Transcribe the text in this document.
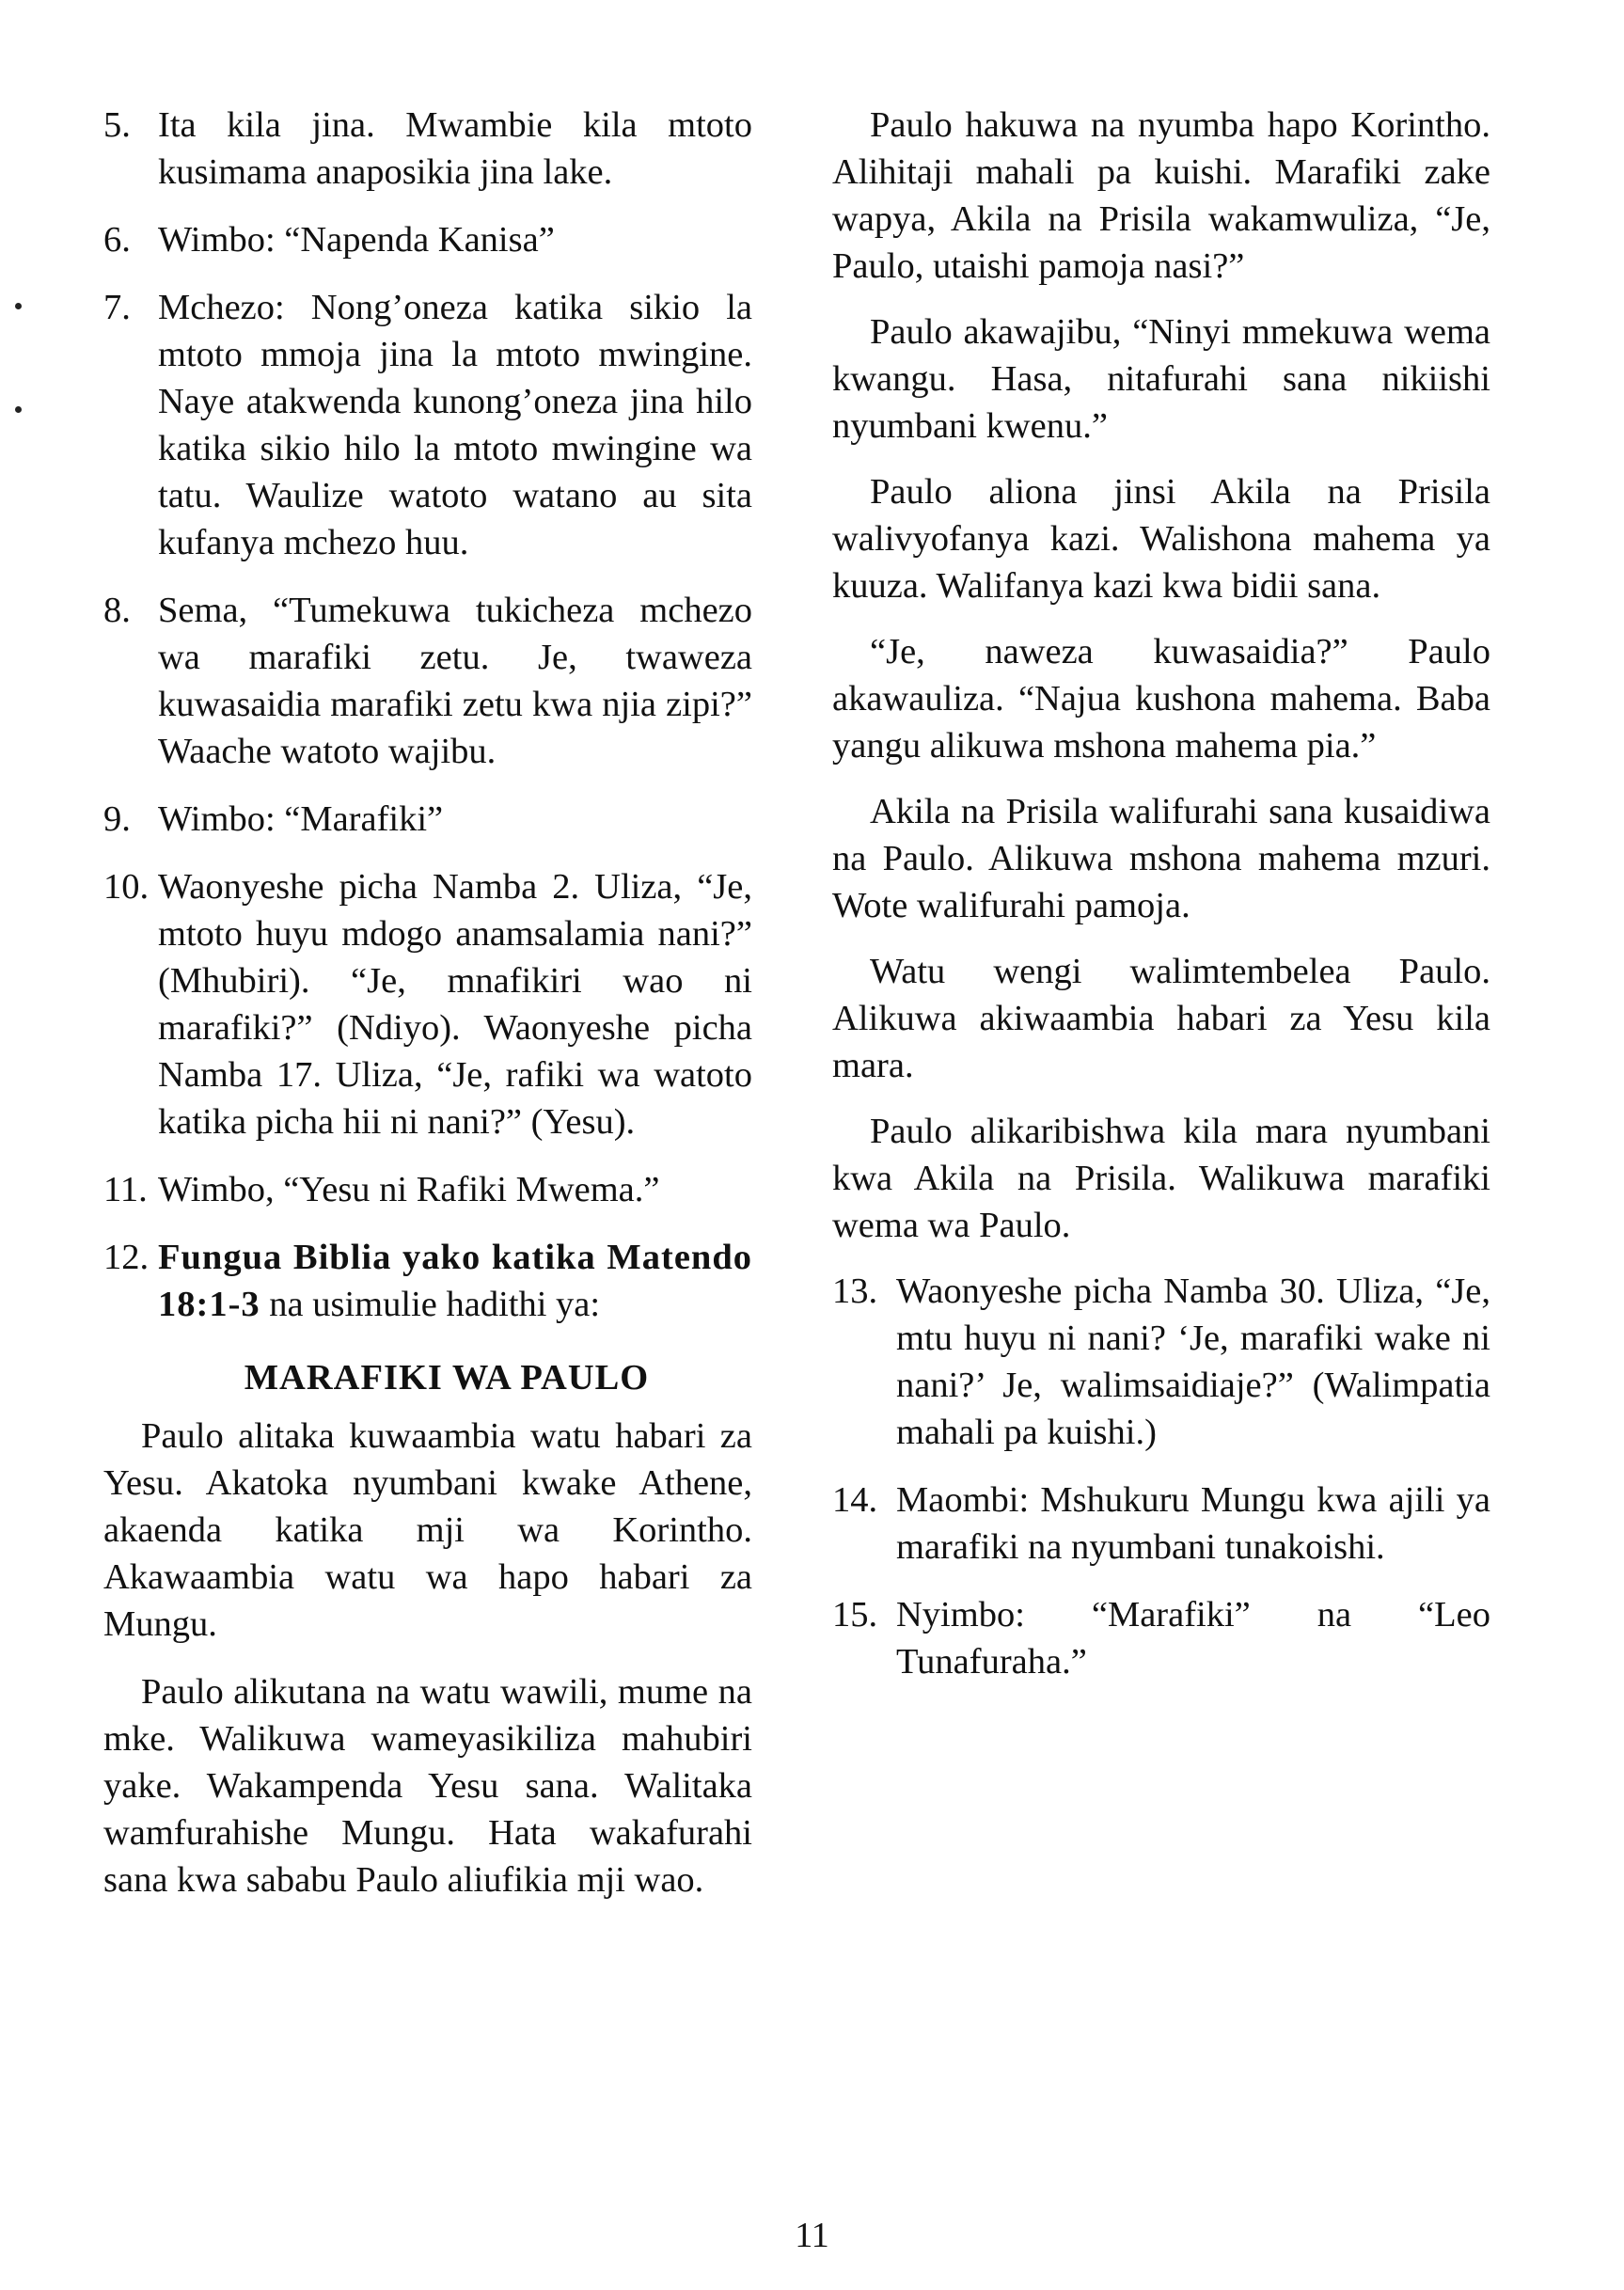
5. Ita kila jina. Mwambie kila mtoto kusimama anaposikia jina lake.
6. Wimbo: “Napenda Kanisa”
7. Mchezo: Nong’oneza katika sikio la mtoto mmoja jina la mtoto mwingine. Naye atakwenda kunong’oneza jina hilo katika sikio hilo la mtoto mwingine wa tatu. Waulize watoto watano au sita kufanya mchezo huu.
8. Sema, “Tumekuwa tukicheza mchezo wa marafiki zetu. Je, twaweza kuwasaidia marafiki zetu kwa njia zipi?” Waache watoto wajibu.
9. Wimbo: “Marafiki”
10. Waonyeshe picha Namba 2. Uliza, “Je, mtoto huyu mdogo anamsalamia nani?” (Mhubiri). “Je, mnafikiri wao ni marafiki?” (Ndiyo). Waonyeshe picha Namba 17. Uliza, “Je, rafiki wa watoto katika picha hii ni nani?” (Yesu).
11. Wimbo, “Yesu ni Rafiki Mwema.”
12. Fungua Biblia yako katika Matendo 18:1-3 na usimulie hadithi ya:
MARAFIKI WA PAULO

Paulo alitaka kuwaambia watu habari za Yesu. Akatoka nyumbani kwake Athene, akaenda katika mji wa Korintho. Akawaambia watu wa hapo habari za Mungu.

Paulo alikutana na watu wawili, mume na mke. Walikuwa wameyasikiliza mahubiri yake. Wakampenda Yesu sana. Walitaka wamfurahishe Mungu. Hata wakafurahi sana kwa sababu Paulo aliufikia mji wao.

Paulo hakuwa na nyumba hapo Korintho. Alihitaji mahali pa kuishi. Marafiki zake wapya, Akila na Prisila wakamwuliza, “Je, Paulo, utaishi pamoja nasi?”

Paulo akawajibu, “Ninyi mmekuwa wema kwangu. Hasa, nitafurahi sana nikiishi nyumbani kwenu.”

Paulo aliona jinsi Akila na Prisila walivyofanya kazi. Walishona mahema ya kuuza. Walifanya kazi kwa bidii sana.

“Je, naweza kuwasaidia?” Paulo akawauliza. “Najua kushona mahema. Baba yangu alikuwa mshona mahema pia.”

Akila na Prisila walifurahi sana kusaidiwa na Paulo. Alikuwa mshona mahema mzuri. Wote walifurahi pamoja.

Watu wengi walimtembelea Paulo. Alikuwa akiwaambia habari za Yesu kila mara.

Paulo alikaribishwa kila mara nyumbani kwa Akila na Prisila. Walikuwa marafiki wema wa Paulo.

13. Waonyeshe picha Namba 30. Uliza, “Je, mtu huyu ni nani? ‘Je, marafiki wake ni nani?’ Je, walimsaidiaje?” (Walimpatia mahali pa kuishi.)
14. Maombi: Mshukuru Mungu kwa ajili ya marafiki na nyumbani tunakoishi.
15. Nyimbo: “Marafiki” na “Leo Tunafuraha.”
11
